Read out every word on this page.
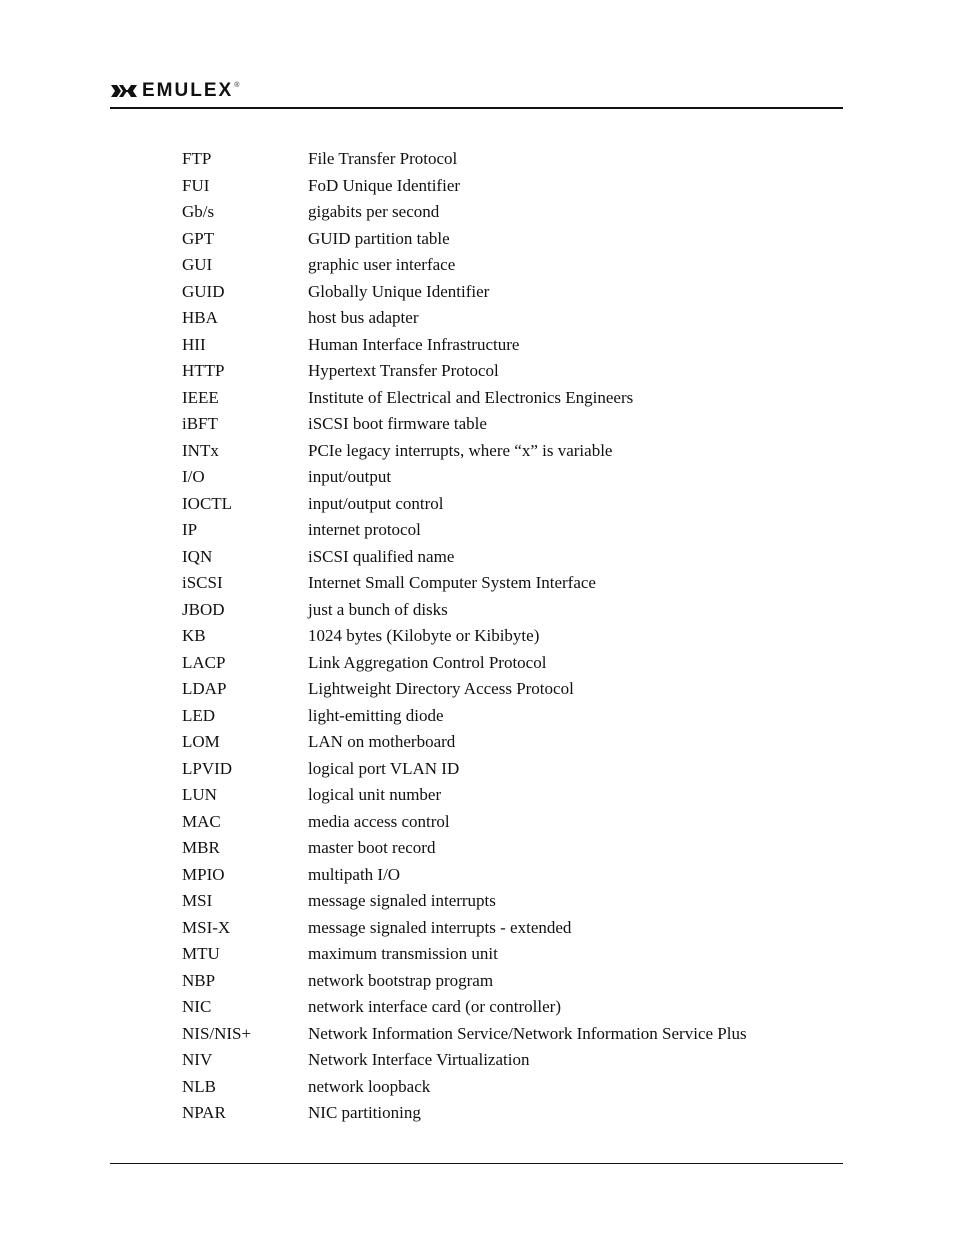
EMULEX ®
FTP	File Transfer Protocol
FUI	FoD Unique Identifier
Gb/s	gigabits per second
GPT	GUID partition table
GUI	graphic user interface
GUID	Globally Unique Identifier
HBA	host bus adapter
HII	Human Interface Infrastructure
HTTP	Hypertext Transfer Protocol
IEEE	Institute of Electrical and Electronics Engineers
iBFT	iSCSI boot firmware table
INTx	PCIe legacy interrupts, where “x” is variable
I/O	input/output
IOCTL	input/output control
IP	internet protocol
IQN	iSCSI qualified name
iSCSI	Internet Small Computer System Interface
JBOD	just a bunch of disks
KB	1024 bytes (Kilobyte or Kibibyte)
LACP	Link Aggregation Control Protocol
LDAP	Lightweight Directory Access Protocol
LED	light-emitting diode
LOM	LAN on motherboard
LPVID	logical port VLAN ID
LUN	logical unit number
MAC	media access control
MBR	master boot record
MPIO	multipath I/O
MSI	message signaled interrupts
MSI-X	message signaled interrupts - extended
MTU	maximum transmission unit
NBP	network bootstrap program
NIC	network interface card (or controller)
NIS/NIS+	Network Information Service/Network Information Service Plus
NIV	Network Interface Virtualization
NLB	network loopback
NPAR	NIC partitioning
